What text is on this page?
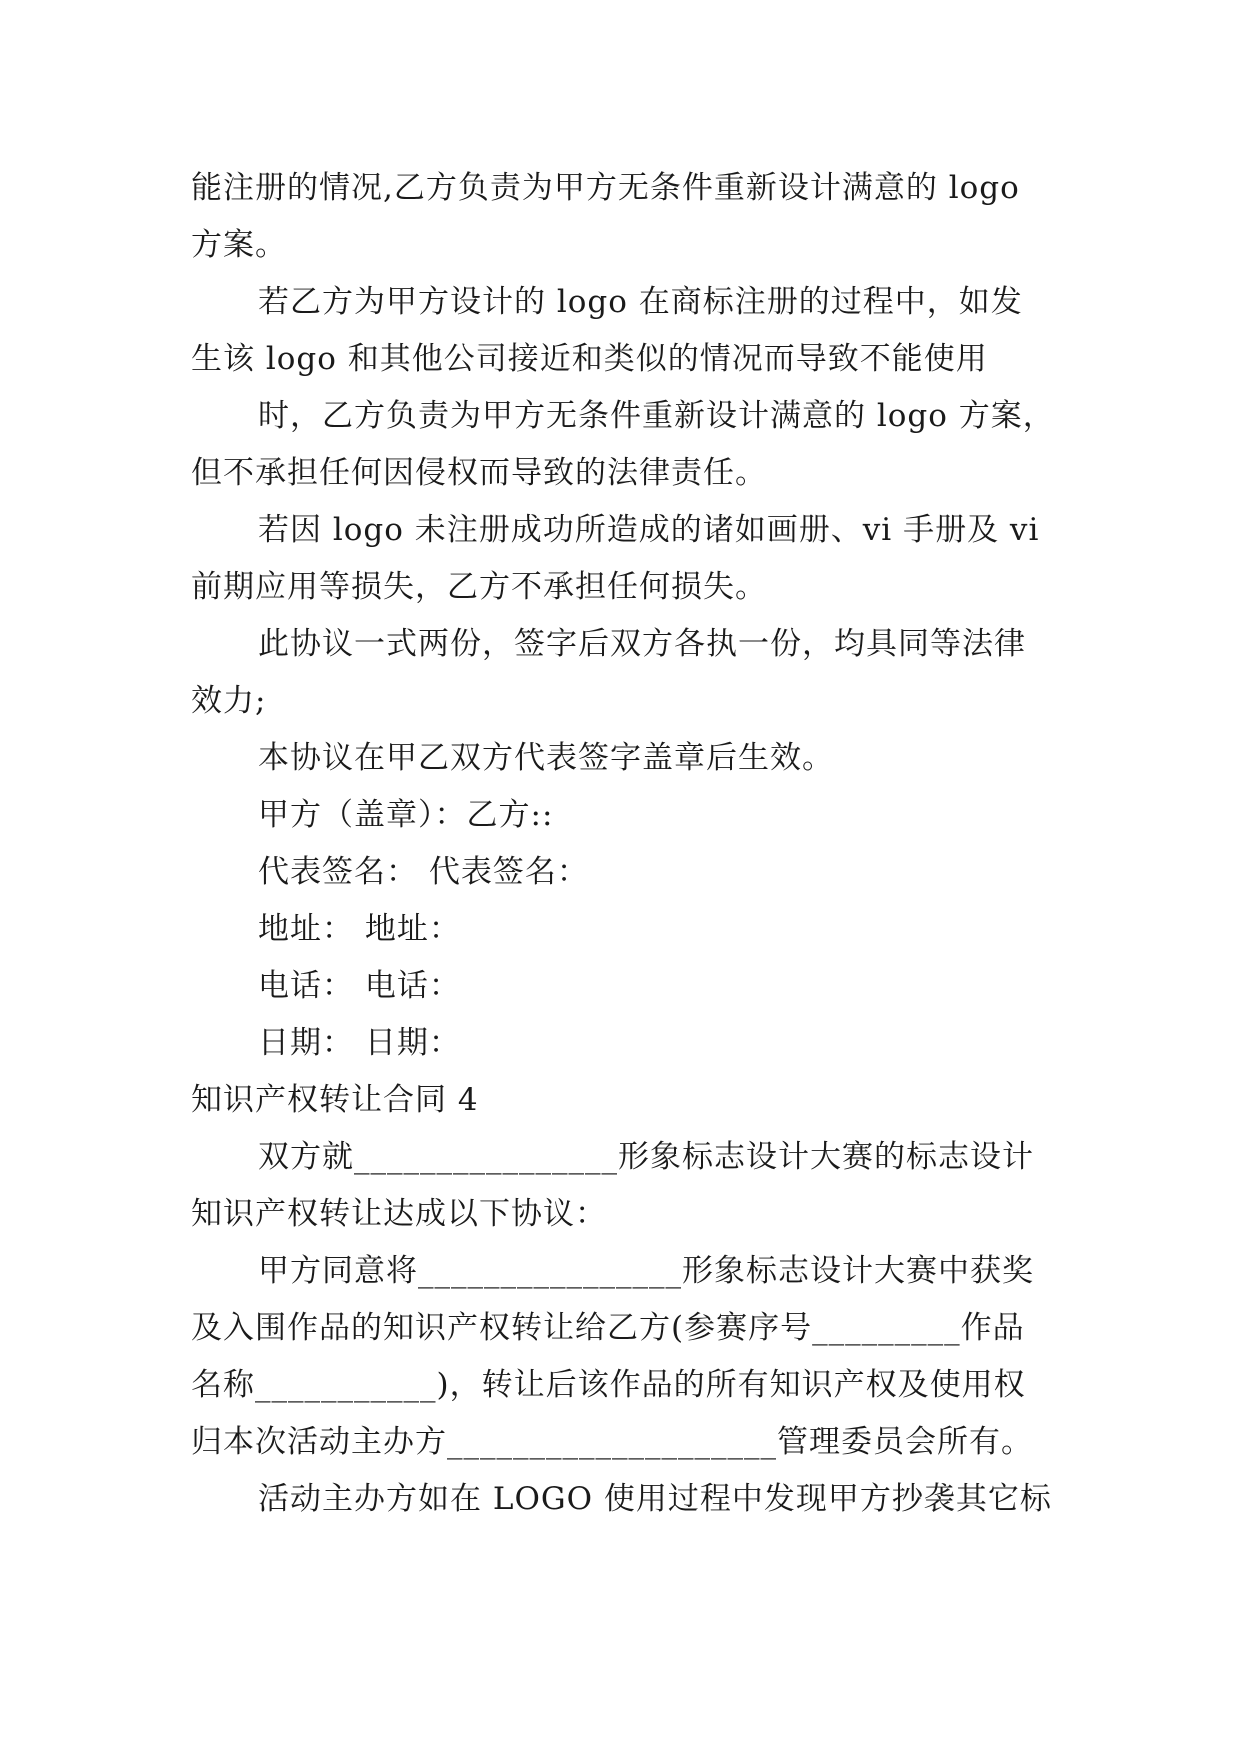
能注册的情况,乙方负责为甲方无条件重新设计满意的 logo
方案。
若乙方为甲方设计的 logo 在商标注册的过程中，如发
生该 logo 和其他公司接近和类似的情况而导致不能使用
时，乙方负责为甲方无条件重新设计满意的 logo 方案，
但不承担任何因侵权而导致的法律责任。
若因 logo 未注册成功所造成的诸如画册、vi 手册及 vi
前期应用等损失，乙方不承担任何损失。
此协议一式两份，签字后双方各执一份，均具同等法律
效力;
本协议在甲乙双方代表签字盖章后生效。
甲方（盖章）：乙方::
代表签名： 代表签名：
地址： 地址：
电话： 电话：
日期： 日期：
知识产权转让合同 4
双方就________________形象标志设计大赛的标志设计
知识产权转让达成以下协议：
甲方同意将________________形象标志设计大赛中获奖
及入围作品的知识产权转让给乙方(参赛序号_________作品
名称___________)，转让后该作品的所有知识产权及使用权
归本次活动主办方____________________管理委员会所有。
活动主办方如在 LOGO 使用过程中发现甲方抄袭其它标
